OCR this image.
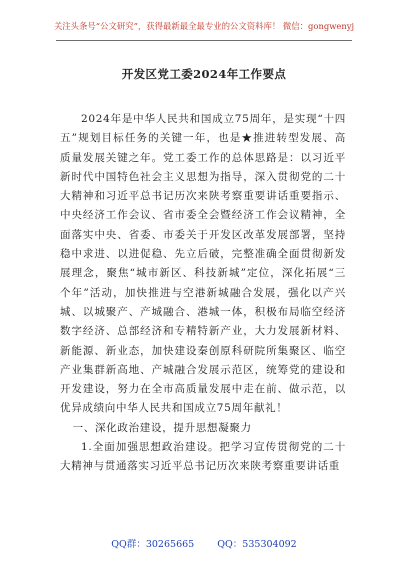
关注头条号“公文研究”，获得最新最全最专业的公文资料库！ 微信：gongwenyj
开发区党工委2024年工作要点

2024年是中华人民共和国成立75周年，是实现“十四五”规划目标任务的关键一年，也是★推进转型发展、高质量发展关键之年。党工委工作的总体思路是：以习近平新时代中国特色社会主义思想为指导，深入贯彻党的二十大精神和习近平总书记历次来陕考察重要讲话重要指示、中央经济工作会议、省市委全会暨经济工作会议精神，全面落实中央、省委、市委关于开发区改革发展部署，坚持稳中求进、以进促稳、先立后破，完整准确全面贯彻新发展理念，聚焦“城市新区、科技新城”定位，深化拓展“三个年”活动，加快推进与空港新城融合发展，强化以产兴城、以城聚产、产城融合、港城一体，积极布局临空经济数字经济、总部经济和专精特新产业，大力发展新材料、新能源、新业态，加快建设秦创原科研院所集聚区、临空产业集群新高地、产城融合发展示范区，统筹党的建设和开发建设，努力在全市高质量发展中走在前、做示范，以优异成绩向中华人民共和国成立75周年献礼！

一、深化政治建设，提升思想凝聚力

1.全面加强思想政治建设。把学习宣传贯彻党的二十大精神与贯通落实习近平总书记历次来陕考察重要讲话重

QQ群：30265665 QQ：535304092
